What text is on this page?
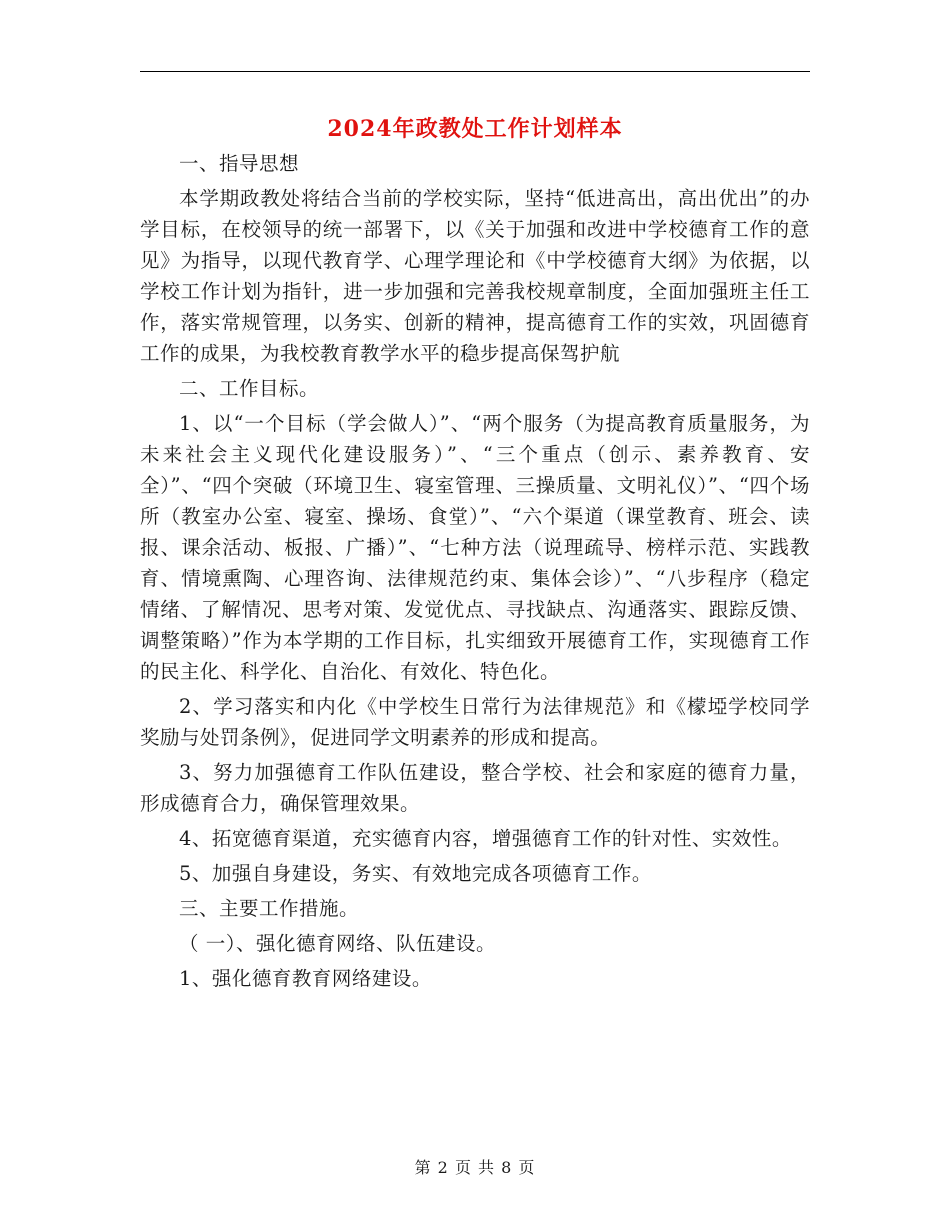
2024年政教处工作计划样本

一、指导思想

本学期政教处将结合当前的学校实际，坚持“低进高出，高出优出”的办学目标，在校领导的统一部署下，以《关于加强和改进中学校德育工作的意见》为指导，以现代教育学、心理学理论和《中学校德育大纲》为依据，以学校工作计划为指针，进一步加强和完善我校规章制度，全面加强班主任工作，落实常规管理，以务实、创新的精神，提高德育工作的实效，巩固德育工作的成果，为我校教育教学水平的稳步提高保驾护航

二、工作目标。

1、以“一个目标（学会做人）”、“两个服务（为提高教育质量服务，为未来社会主义现代化建设服务）”、“三个重点（创示、素养教育、安全）”、“四个突破（环境卫生、寝室管理、三操质量、文明礼仪）”、“四个场所（教室办公室、寝室、操场、食堂）”、“六个渠道（课堂教育、班会、读报、课余活动、板报、广播）”、“七种方法（说理疏导、榜样示范、实践教育、情境熏陶、心理咨询、法律规范约束、集体会诊）”、“八步程序（稳定情绪、了解情况、思考对策、发觉优点、寻找缺点、沟通落实、跟踪反馈、调整策略）”作为本学期的工作目标，扎实细致开展德育工作，实现德育工作的民主化、科学化、自治化、有效化、特色化。

2、学习落实和内化《中学校生日常行为法律规范》和《檬埡学校同学奖励与处罚条例》，促进同学文明素养的形成和提高。

3、努力加强德育工作队伍建设，整合学校、社会和家庭的德育力量，形成德育合力，确保管理效果。

4、拓宽德育渠道，充实德育内容，增强德育工作的针对性、实效性。

5、加强自身建设，务实、有效地完成各项德育工作。

三、主要工作措施。

（ 一）、强化德育网络、队伍建设。

1、强化德育教育网络建设。

第 2 页 共 8 页
